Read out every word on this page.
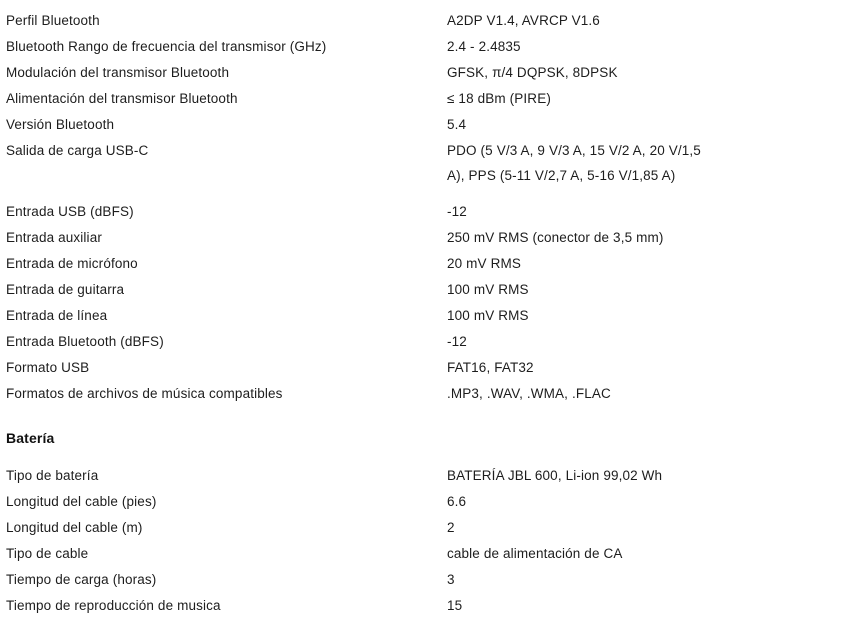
Perfil Bluetooth	A2DP V1.4, AVRCP V1.6
Bluetooth Rango de frecuencia del transmisor (GHz)	2.4 - 2.4835
Modulación del transmisor Bluetooth	GFSK, π/4 DQPSK, 8DPSK
Alimentación del transmisor Bluetooth	≤ 18 dBm (PIRE)
Versión Bluetooth	5.4
Salida de carga USB-C	PDO (5 V/3 A, 9 V/3 A, 15 V/2 A, 20 V/1,5 A), PPS (5-11 V/2,7 A, 5-16 V/1,85 A)
Entrada USB (dBFS)	-12
Entrada auxiliar	250 mV RMS (conector de 3,5 mm)
Entrada de micrófono	20 mV RMS
Entrada de guitarra	100 mV RMS
Entrada de línea	100 mV RMS
Entrada Bluetooth (dBFS)	-12
Formato USB	FAT16, FAT32
Formatos de archivos de música compatibles	.MP3, .WAV, .WMA, .FLAC
Batería
Tipo de batería	BATERÍA JBL 600, Li-ion 99,02 Wh
Longitud del cable (pies)	6.6
Longitud del cable (m)	2
Tipo de cable	cable de alimentación de CA
Tiempo de carga (horas)	3
Tiempo de reproducción de musica	15
